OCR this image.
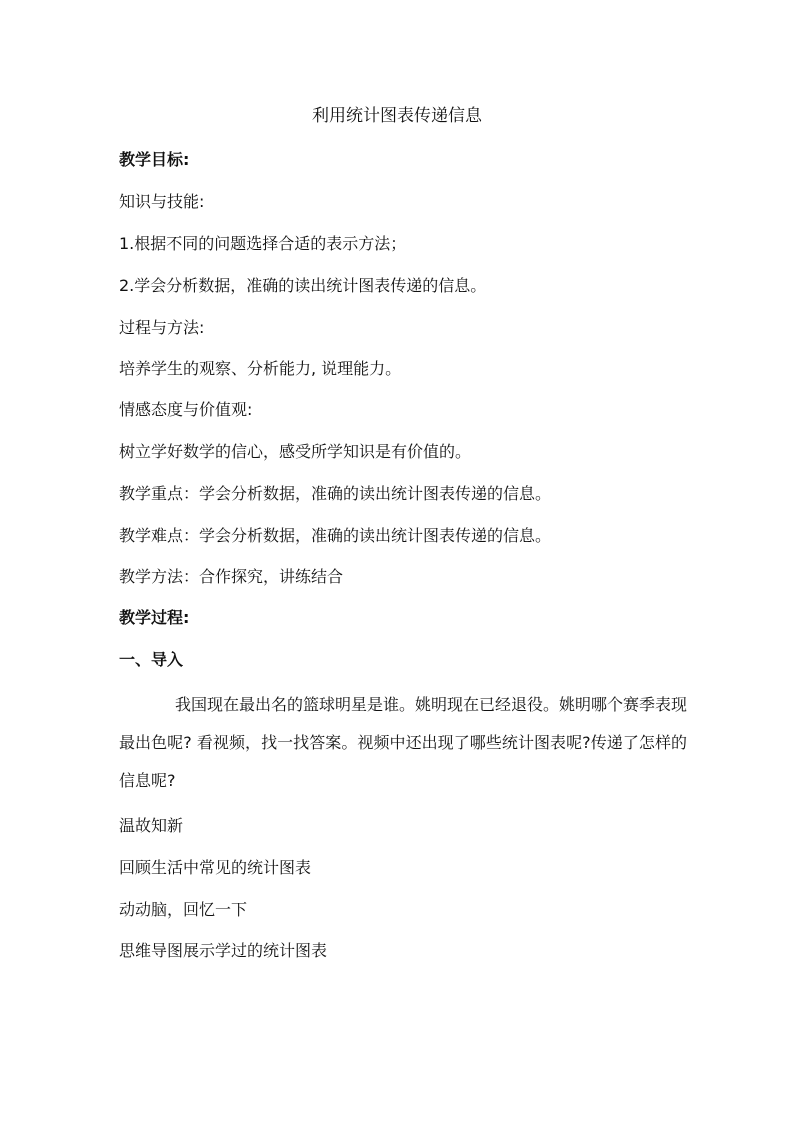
利用统计图表传递信息

教学目标:

知识与技能:

1.根据不同的问题选择合适的表示方法；

2.学会分析数据，准确的读出统计图表传递的信息。

过程与方法:

培养学生的观察、分析能力, 说理能力。

情感态度与价值观:

树立学好数学的信心，感受所学知识是有价值的。

教学重点：学会分析数据，准确的读出统计图表传递的信息。

教学难点：学会分析数据，准确的读出统计图表传递的信息。

教学方法：合作探究，讲练结合

教学过程:

一、导入

我国现在最出名的篮球明星是谁。姚明现在已经退役。姚明哪个赛季表现最出色呢? 看视频，找一找答案。视频中还出现了哪些统计图表呢?传递了怎样的信息呢?

温故知新

回顾生活中常见的统计图表

动动脑，回忆一下

思维导图展示学过的统计图表
